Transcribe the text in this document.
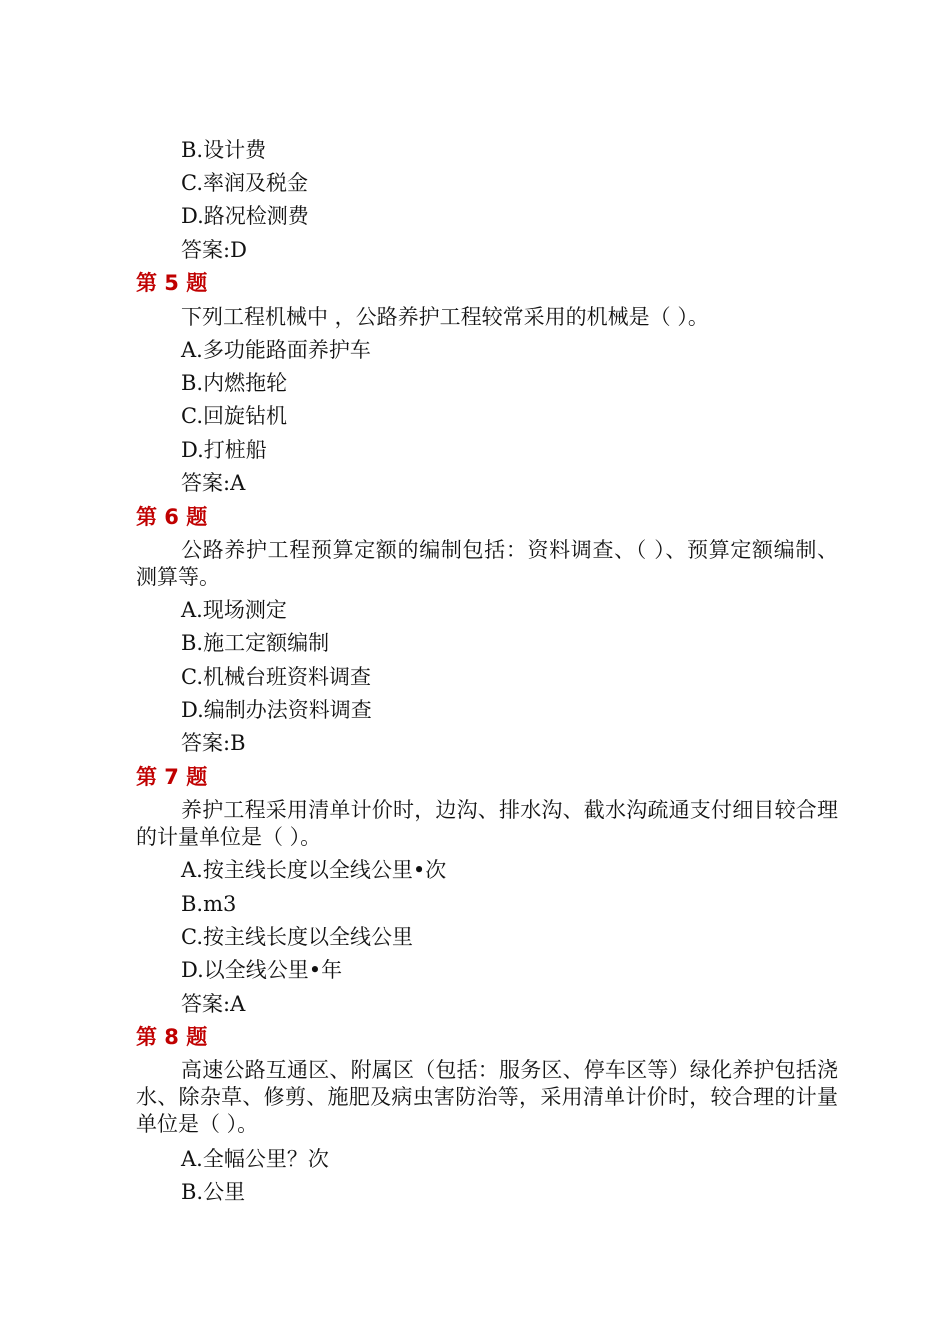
B.设计费
C.率润及税金
D.路况检测费
答案:D
第 5 题
下列工程机械中 ，公路养护工程较常采用的机械是（ ）。
A.多功能路面养护车
B.内燃拖轮
C.回旋钻机
D.打桩船
答案:A
第 6 题
公路养护工程预算定额的编制包括：资料调查、（ ）、预算定额编制、测算等。
A.现场测定
B.施工定额编制
C.机械台班资料调查
D.编制办法资料调查
答案:B
第 7 题
养护工程采用清单计价时，边沟、排水沟、截水沟疏通支付细目较合理的计量单位是（ ）。
A.按主线长度以全线公里•次
B.m3
C.按主线长度以全线公里
D.以全线公里•年
答案:A
第 8 题
高速公路互通区、附属区（包括：服务区、停车区等）绿化养护包括浇水、除杂草、修剪、施肥及病虫害防治等，采用清单计价时，较合理的计量单位是（ ）。
A.全幅公里？次
B.公里
